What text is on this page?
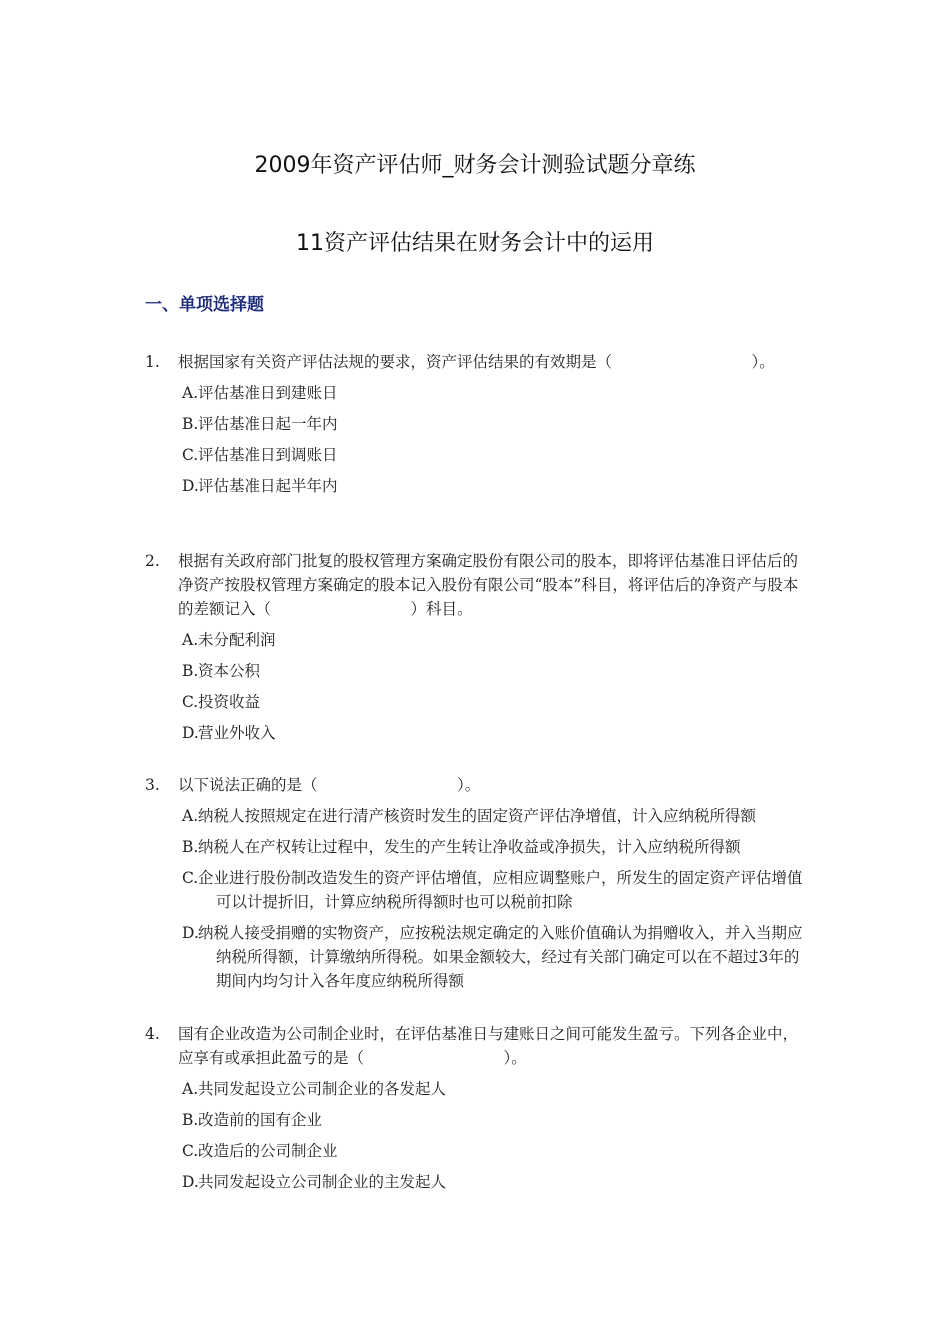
2009年资产评估师_财务会计测验试题分章练
11资产评估结果在财务会计中的运用
一、单项选择题
1.	根据国家有关资产评估法规的要求，资产评估结果的有效期是（　　　　　　　　　）。
A.评估基准日到建账日
B.评估基准日起一年内
C.评估基准日到调账日
D.评估基准日起半年内
2.	根据有关政府部门批复的股权管理方案确定股份有限公司的股本，即将评估基准日评估后的净资产按股权管理方案确定的股本记入股份有限公司“股本”科目，将评估后的净资产与股本的差额记入（　　　　　　　　　）科目。
A.未分配利润
B.资本公积
C.投资收益
D.营业外收入
3.	以下说法正确的是（　　　　　　　　　）。
A.纳税人按照规定在进行清产核资时发生的固定资产评估净增值，计入应纳税所得额
B.纳税人在产权转让过程中，发生的产生转让净收益或净损失，计入应纳税所得额
C.企业进行股份制改造发生的资产评估增值，应相应调整账户，所发生的固定资产评估增值可以计提折旧，计算应纳税所得额时也可以税前扣除
D.纳税人接受捐赠的实物资产，应按税法规定确定的入账价值确认为捐赠收入，并入当期应纳税所得额，计算缴纳所得税。如果金额较大，经过有关部门确定可以在不超过3年的期间内均匀计入各年度应纳税所得额
4.	国有企业改造为公司制企业时，在评估基准日与建账日之间可能发生盈亏。下列各企业中，应享有或承担此盈亏的是（　　　　　　　　　）。
A.共同发起设立公司制企业的各发起人
B.改造前的国有企业
C.改造后的公司制企业
D.共同发起设立公司制企业的主发起人
